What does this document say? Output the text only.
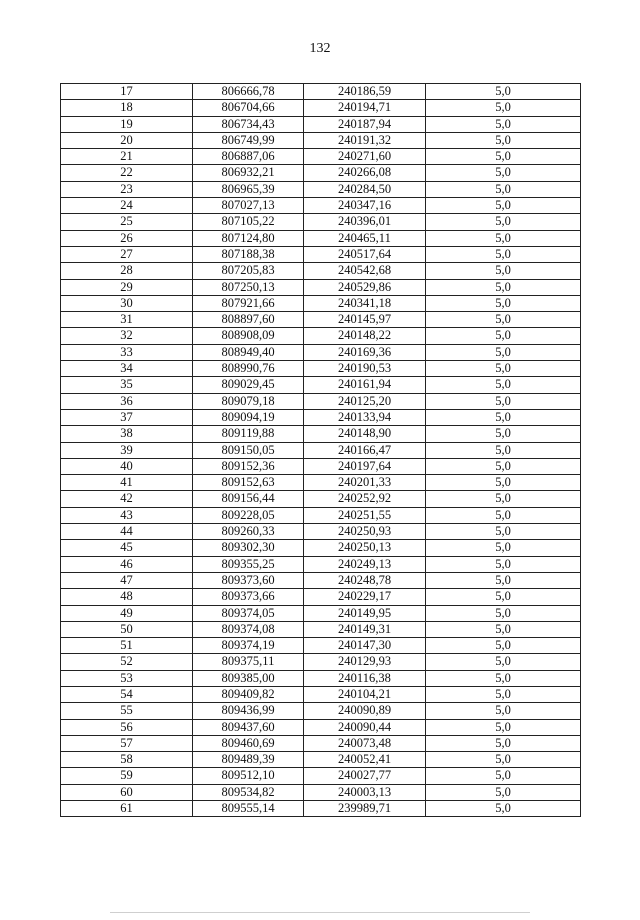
132
17	806666,78	240186,59	5,0
18	806704,66	240194,71	5,0
19	806734,43	240187,94	5,0
20	806749,99	240191,32	5,0
21	806887,06	240271,60	5,0
22	806932,21	240266,08	5,0
23	806965,39	240284,50	5,0
24	807027,13	240347,16	5,0
25	807105,22	240396,01	5,0
26	807124,80	240465,11	5,0
27	807188,38	240517,64	5,0
28	807205,83	240542,68	5,0
29	807250,13	240529,86	5,0
30	807921,66	240341,18	5,0
31	808897,60	240145,97	5,0
32	808908,09	240148,22	5,0
33	808949,40	240169,36	5,0
34	808990,76	240190,53	5,0
35	809029,45	240161,94	5,0
36	809079,18	240125,20	5,0
37	809094,19	240133,94	5,0
38	809119,88	240148,90	5,0
39	809150,05	240166,47	5,0
40	809152,36	240197,64	5,0
41	809152,63	240201,33	5,0
42	809156,44	240252,92	5,0
43	809228,05	240251,55	5,0
44	809260,33	240250,93	5,0
45	809302,30	240250,13	5,0
46	809355,25	240249,13	5,0
47	809373,60	240248,78	5,0
48	809373,66	240229,17	5,0
49	809374,05	240149,95	5,0
50	809374,08	240149,31	5,0
51	809374,19	240147,30	5,0
52	809375,11	240129,93	5,0
53	809385,00	240116,38	5,0
54	809409,82	240104,21	5,0
55	809436,99	240090,89	5,0
56	809437,60	240090,44	5,0
57	809460,69	240073,48	5,0
58	809489,39	240052,41	5,0
59	809512,10	240027,77	5,0
60	809534,82	240003,13	5,0
61	809555,14	239989,71	5,0
